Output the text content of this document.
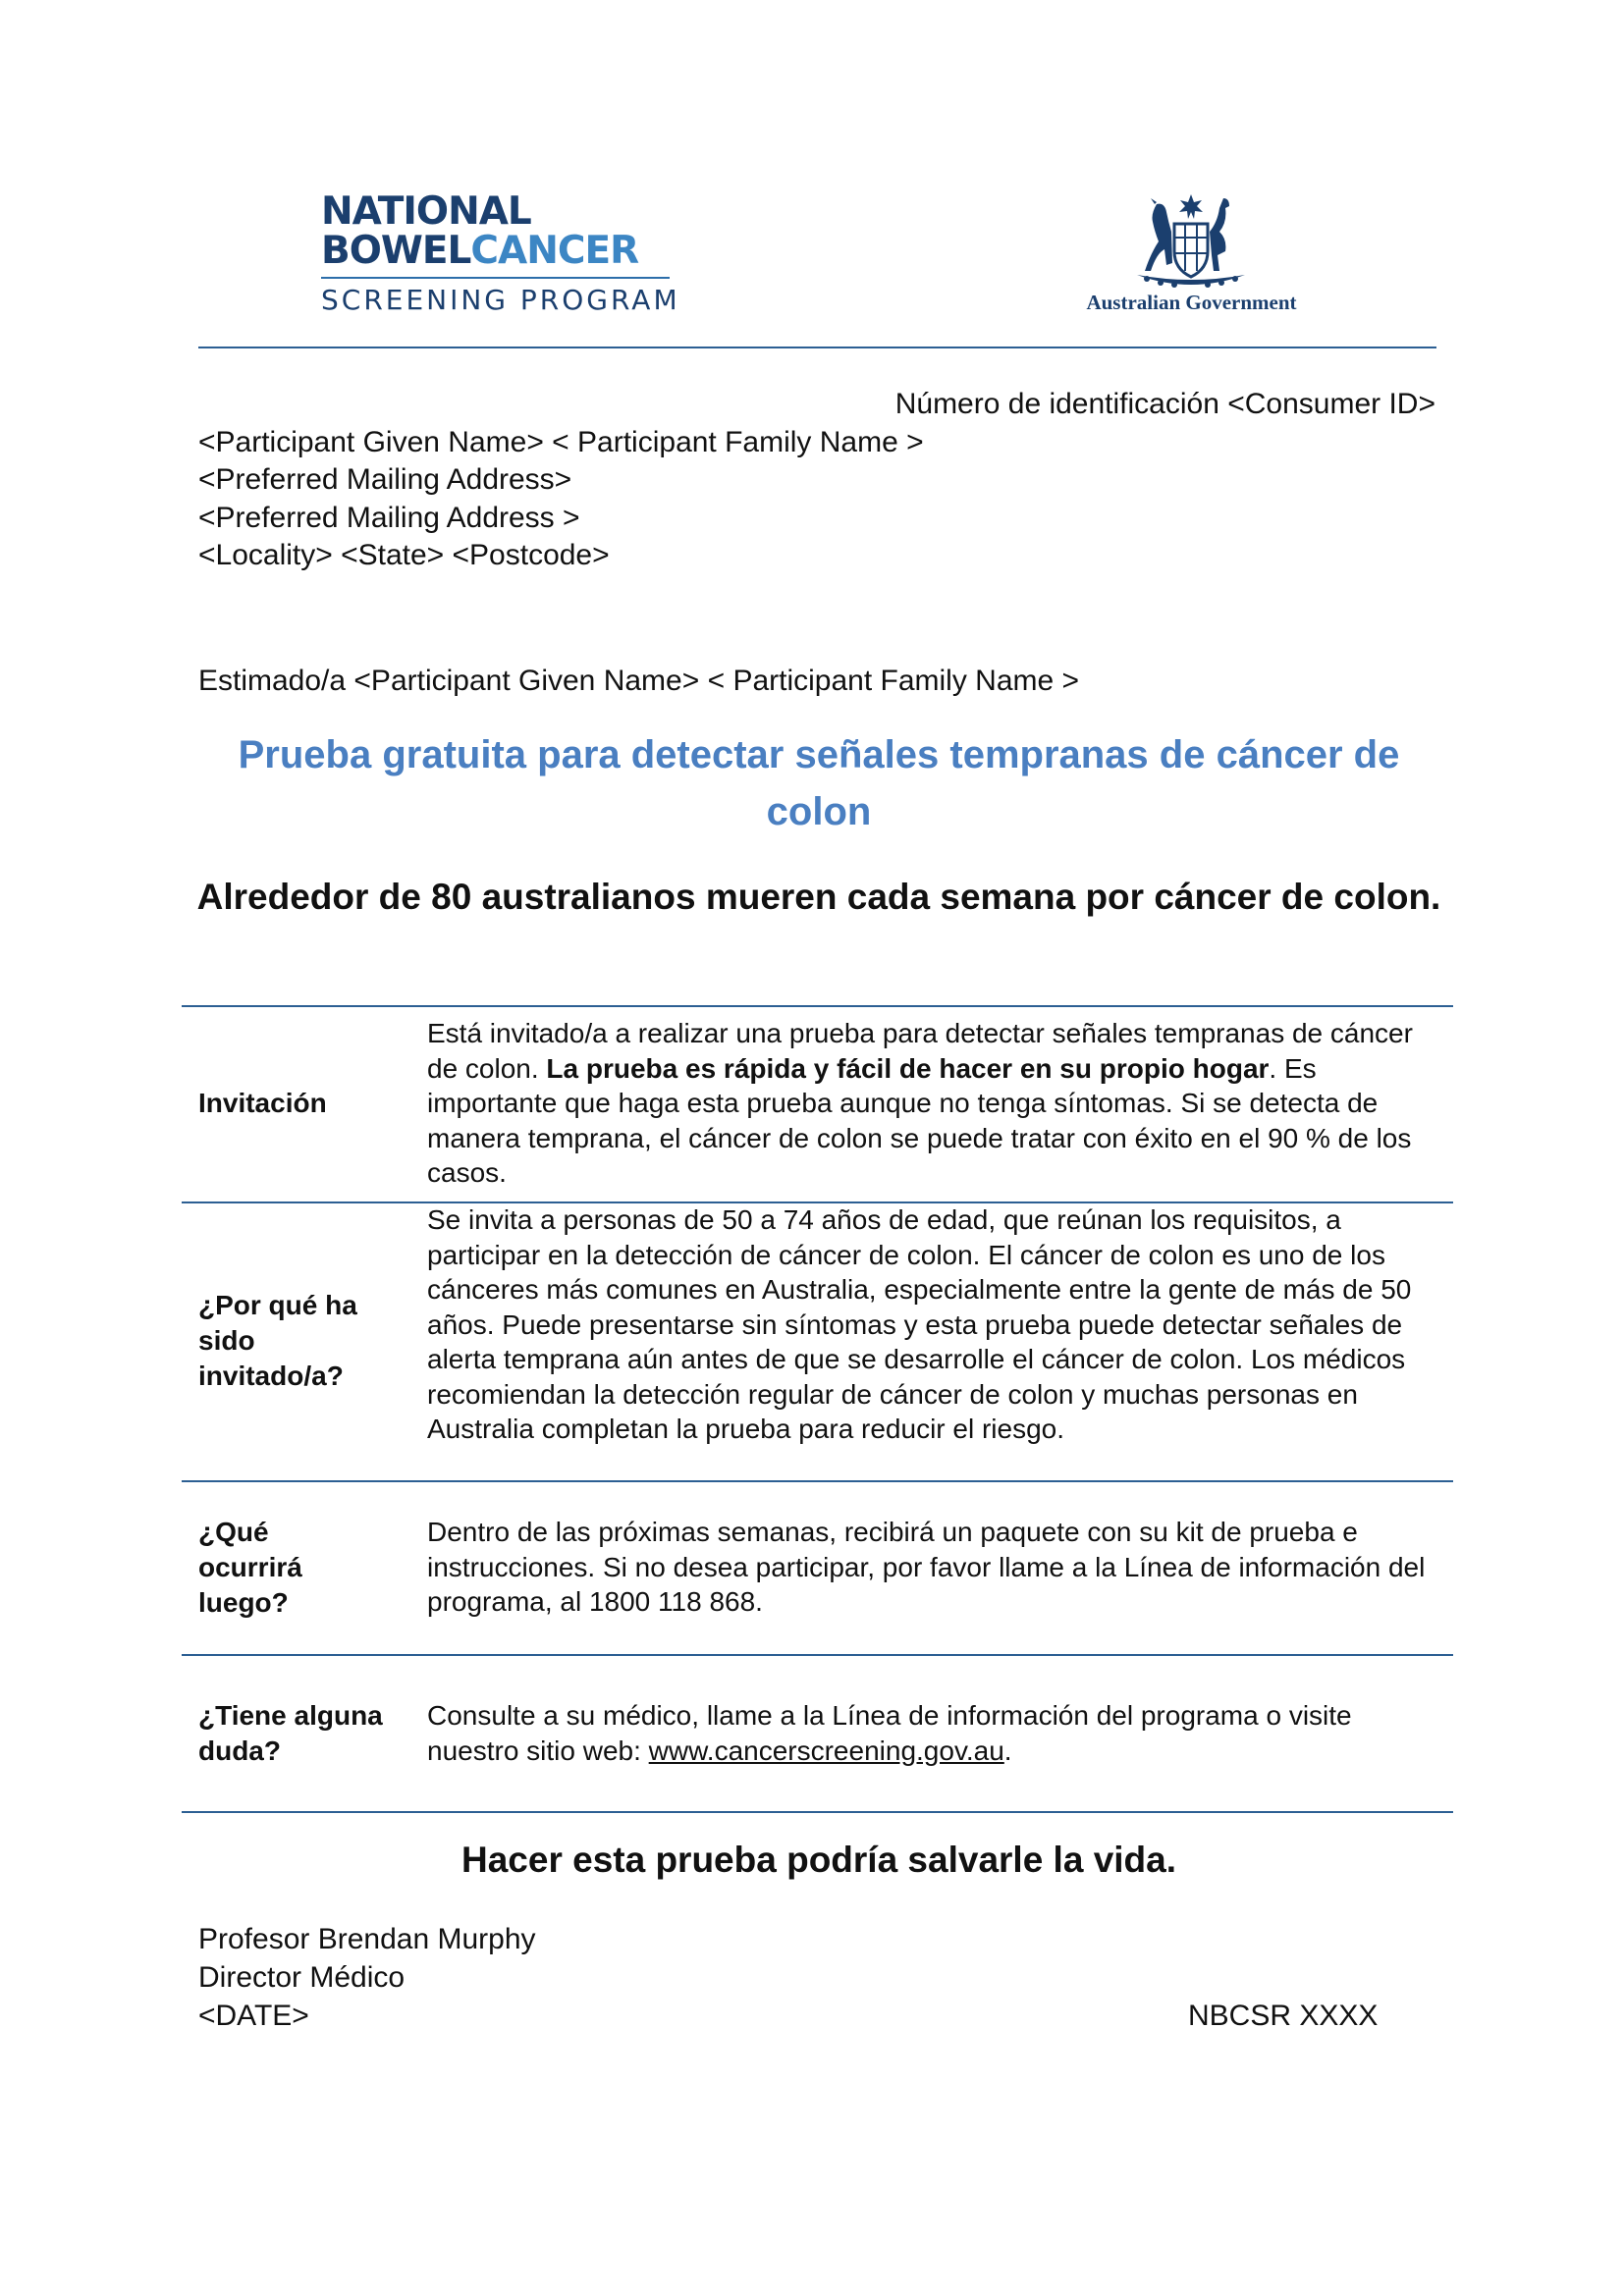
NATIONAL
BOWELCANCER
SCREENING PROGRAM	Australian Government
Número de identificación <Consumer ID>
<Participant Given Name> < Participant Family Name >
<Preferred Mailing Address>
<Preferred Mailing Address >
<Locality> <State> <Postcode>
Estimado/a <Participant Given Name> < Participant Family Name >
Prueba gratuita para detectar señales tempranas de cáncer de colon
Alrededor de 80 australianos mueren cada semana por cáncer de colon.
Invitación
Está invitado/a a realizar una prueba para detectar señales tempranas de cáncer de colon. La prueba es rápida y fácil de hacer en su propio hogar. Es importante que haga esta prueba aunque no tenga síntomas. Si se detecta de manera temprana, el cáncer de colon se puede tratar con éxito en el 90 % de los casos.
¿Por qué ha sido invitado/a?
Se invita a personas de 50 a 74 años de edad, que reúnan los requisitos, a participar en la detección de cáncer de colon. El cáncer de colon es uno de los cánceres más comunes en Australia, especialmente entre la gente de más de 50 años. Puede presentarse sin síntomas y esta prueba puede detectar señales de alerta temprana aún antes de que se desarrolle el cáncer de colon. Los médicos recomiendan la detección regular de cáncer de colon y muchas personas en Australia completan la prueba para reducir el riesgo.
¿Qué ocurrirá luego?
Dentro de las próximas semanas, recibirá un paquete con su kit de prueba e instrucciones. Si no desea participar, por favor llame a la Línea de información del programa, al 1800 118 868.
¿Tiene alguna duda?
Consulte a su médico, llame a la Línea de información del programa o visite nuestro sitio web: www.cancerscreening.gov.au.
Hacer esta prueba podría salvarle la vida.
Profesor Brendan Murphy
Director Médico
<DATE>	NBCSR XXXX
